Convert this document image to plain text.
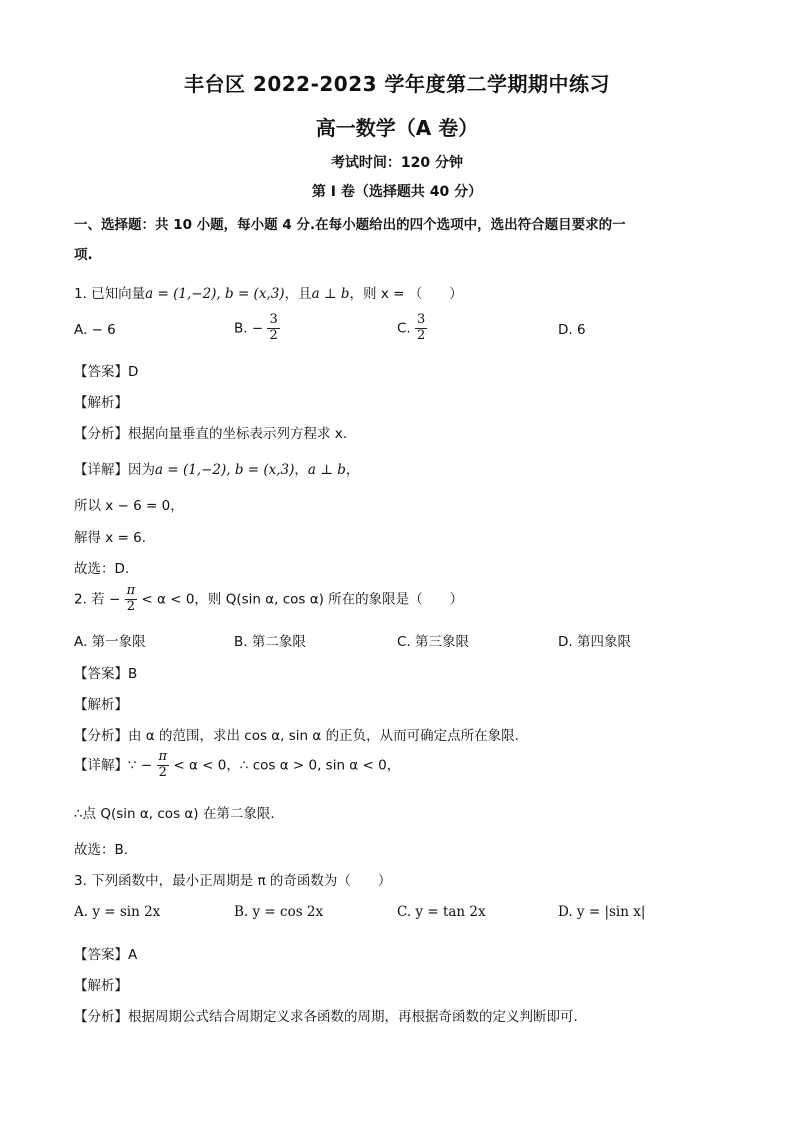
丰台区 2022-2023 学年度第二学期期中练习
高一数学（A 卷）
考试时间：120 分钟
第 I 卷（选择题共 40 分）
一、选择题：共 10 小题，每小题 4 分.在每小题给出的四个选项中，选出符合题目要求的一
项.
1. 已知向量a = (1,−2), b = (x,3)，且a ⊥ b，则 x = （　　）
A. − 6	B. − $\frac{3}{2}$	C. $\frac{3}{2}$	D. 6
【答案】D
【解析】
【分析】根据向量垂直的坐标表示列方程求 x.
【详解】因为a = (1,−2), b = (x,3)，a ⊥ b，
所以 x − 6 = 0，
解得 x = 6.
故选：D.
2. 若 − $\frac{\pi}{2} < \alpha < 0$，则 Q(sin α, cos α) 所在的象限是（　　）
A. 第一象限	B. 第二象限	C. 第三象限	D. 第四象限
【答案】B
【解析】
【分析】由 α 的范围，求出 cos α, sin α 的正负，从而可确定点所在象限.
【详解】∵ − $\frac{\pi}{2} < \alpha < 0$，∴ cos α > 0, sin α < 0，
∴点 Q(sin α, cos α) 在第二象限.
故选：B.
3. 下列函数中，最小正周期是 π 的奇函数为（　　）
A. y = sin 2x	B. y = cos 2x	C. y = tan 2x	D. y = |sin x|
【答案】A
【解析】
【分析】根据周期公式结合周期定义求各函数的周期，再根据奇函数的定义判断即可.
